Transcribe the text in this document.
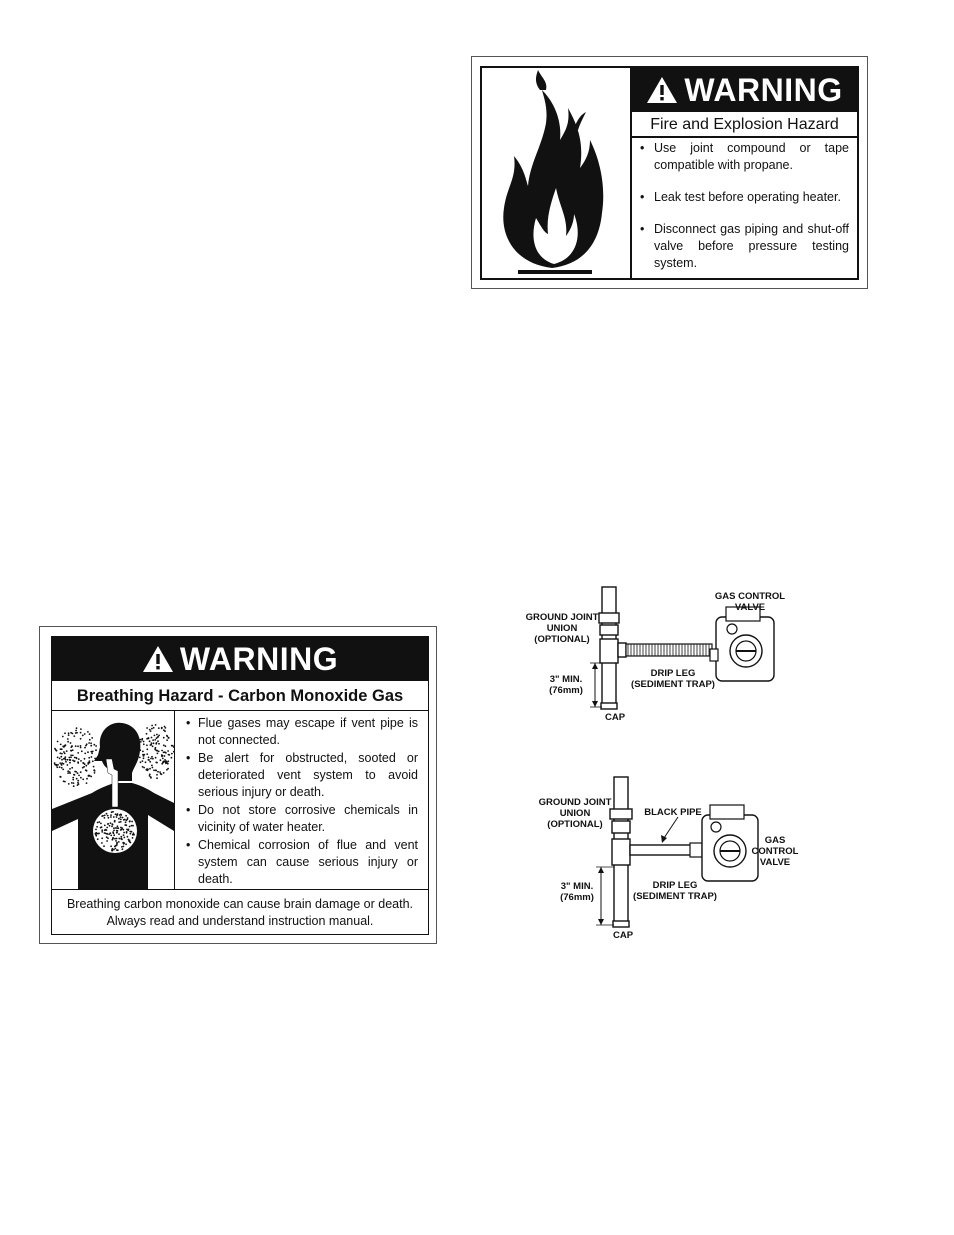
WARNING
Fire and Explosion Hazard
• Use joint compound or tape compatible with propane.
• Leak test before operating heater.
• Disconnect gas piping and shut-off valve before pressure testing system.
WARNING
Breathing Hazard - Carbon Monoxide Gas
• Flue gases may escape if vent pipe is not connected.
• Be alert for obstructed, sooted or deteriorated vent system to avoid serious injury or death.
• Do not store corrosive chemicals in vicinity of water heater.
• Chemical corrosion of flue and vent system can cause serious injury or death.
Breathing carbon monoxide can cause brain damage or death.
Always read and understand instruction manual.
GROUND JOINT
UNION
(OPTIONAL)
GAS CONTROL
VALVE
3" MIN.
(76mm)
DRIP LEG
(SEDIMENT TRAP)
CAP
GROUND JOINT
UNION
(OPTIONAL)
BLACK PIPE
GAS
CONTROL
VALVE
3" MIN.
(76mm)
DRIP LEG
(SEDIMENT TRAP)
CAP
